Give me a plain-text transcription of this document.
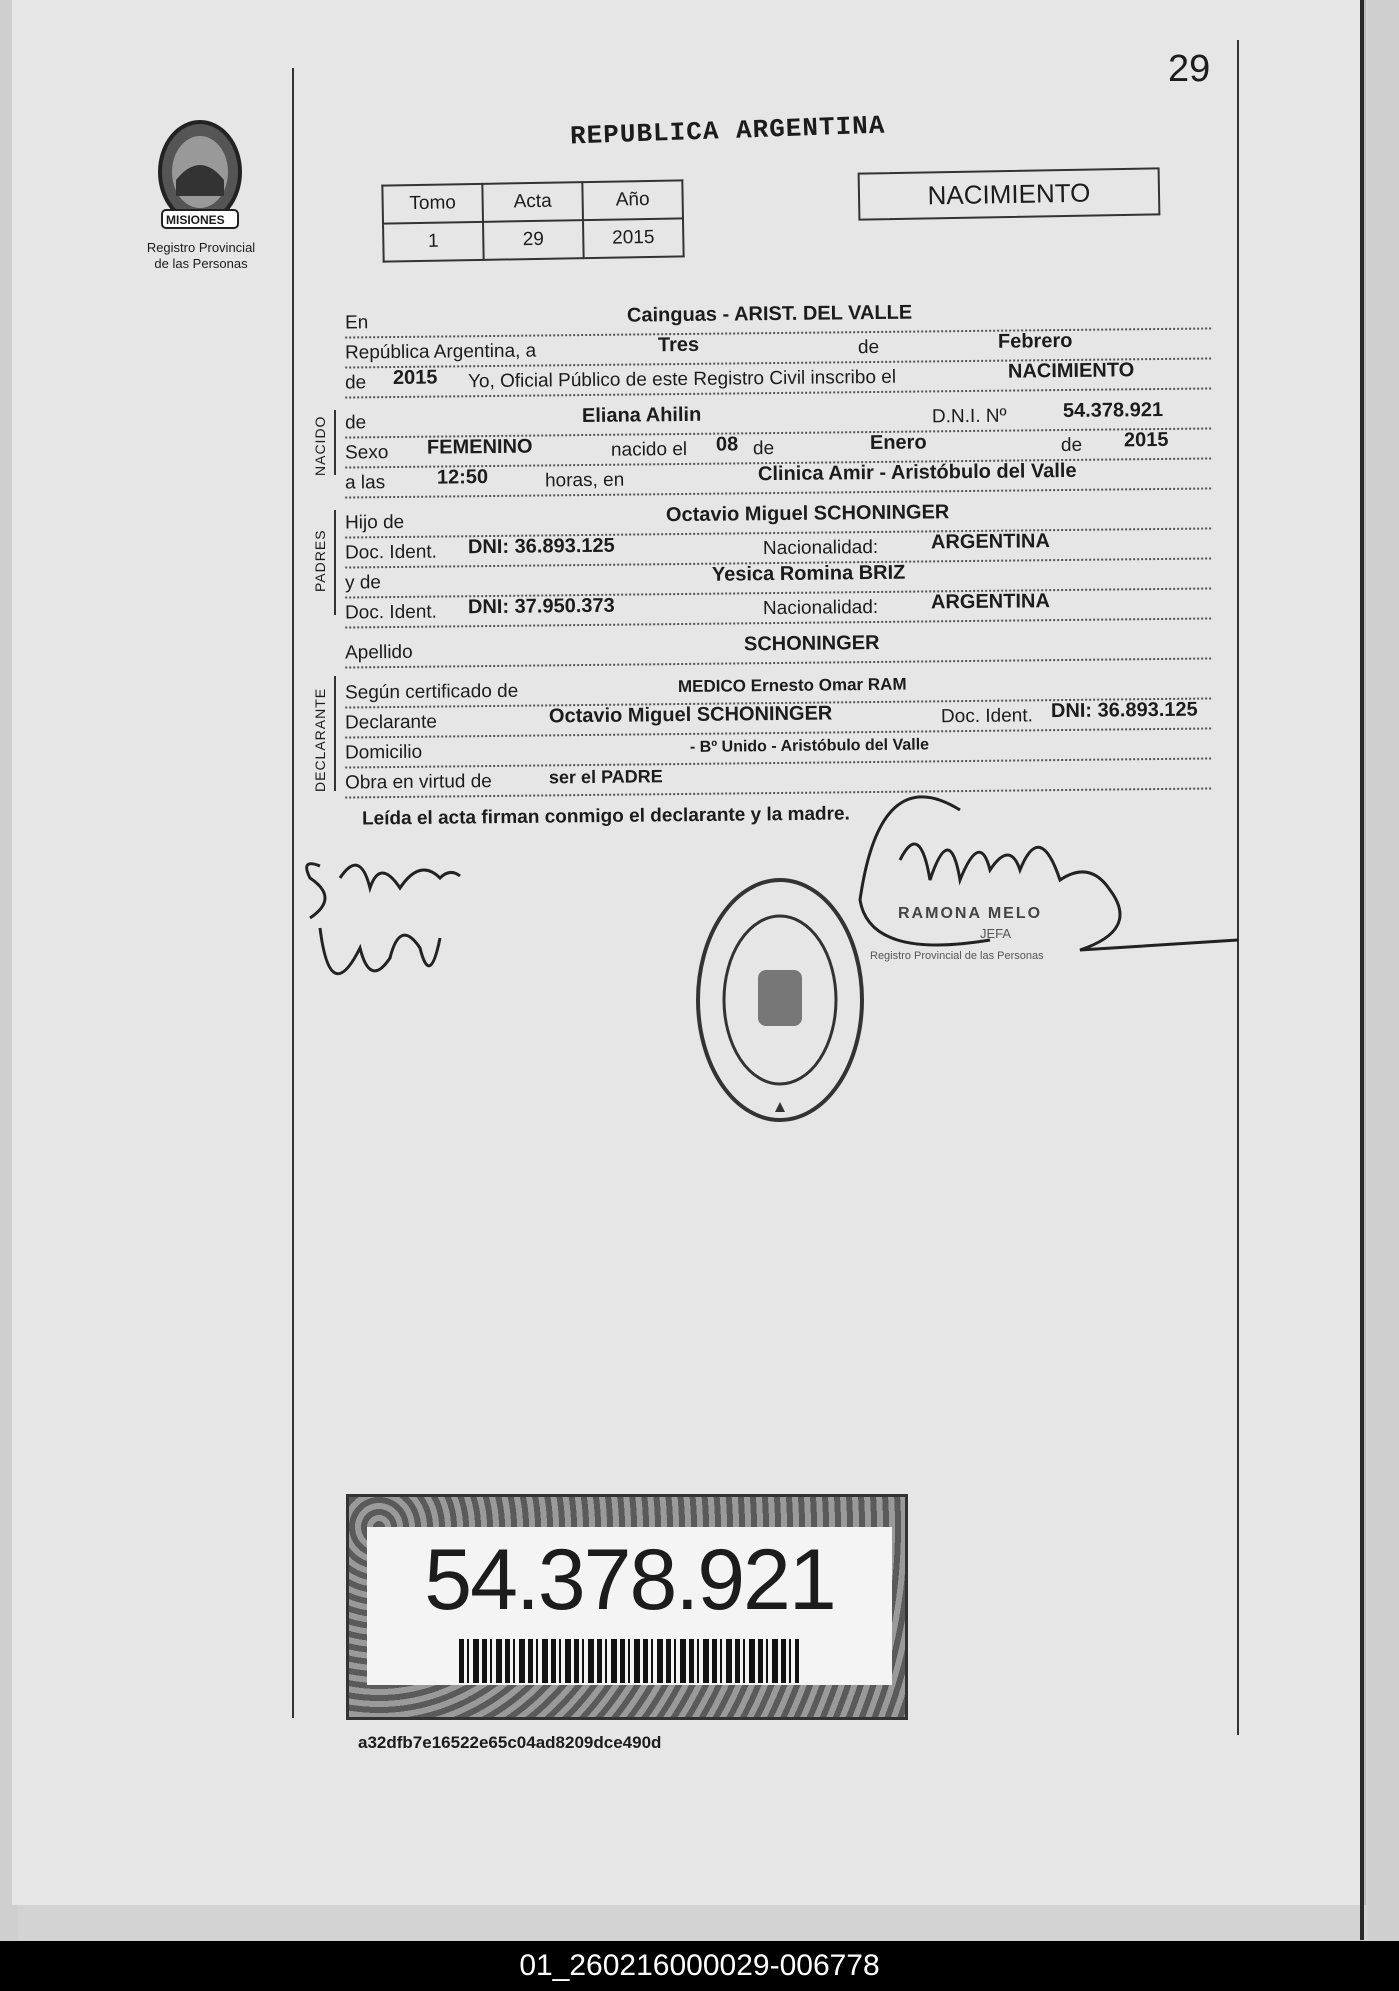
29
MISIONES
Registro Provincial
de las Personas
REPUBLICA ARGENTINA
Tomo	Acta	Año
1	29	2015
NACIMIENTO
En	Cainguas - ARIST. DEL VALLE
República Argentina, a	Tres	de	Febrero
de 2015 Yo, Oficial Público de este Registro Civil inscribo el	NACIMIENTO
NACIDO de	Eliana Ahilin	D.N.I. Nº	54.378.921
Sexo FEMENINO	nacido el 08 de	Enero	de 2015
a las	12:50	horas, en	Clinica Amir - Aristóbulo del Valle
PADRES
Hijo de	Octavio Miguel SCHONINGER
Doc. Ident. DNI: 36.893.125	Nacionalidad:	ARGENTINA
y de	Yesica Romina BRIZ
Doc. Ident. DNI: 37.950.373	Nacionalidad:	ARGENTINA
Apellido	SCHONINGER
DECLARANTE Según certificado de	MEDICO Ernesto Omar RAM
Declarante	Octavio Miguel SCHONINGER	Doc. Ident. DNI: 36.893.125
Domicilio	- Bº Unido - Aristóbulo del Valle
Obra en virtud de	ser el PADRE
Leída el acta firman conmigo el declarante y la madre.
RAMONA MELO
JEFA
Registro Provincial de las Personas
54.378.921
a32dfb7e16522e65c04ad8209dce490d
01_260216000029-006778
